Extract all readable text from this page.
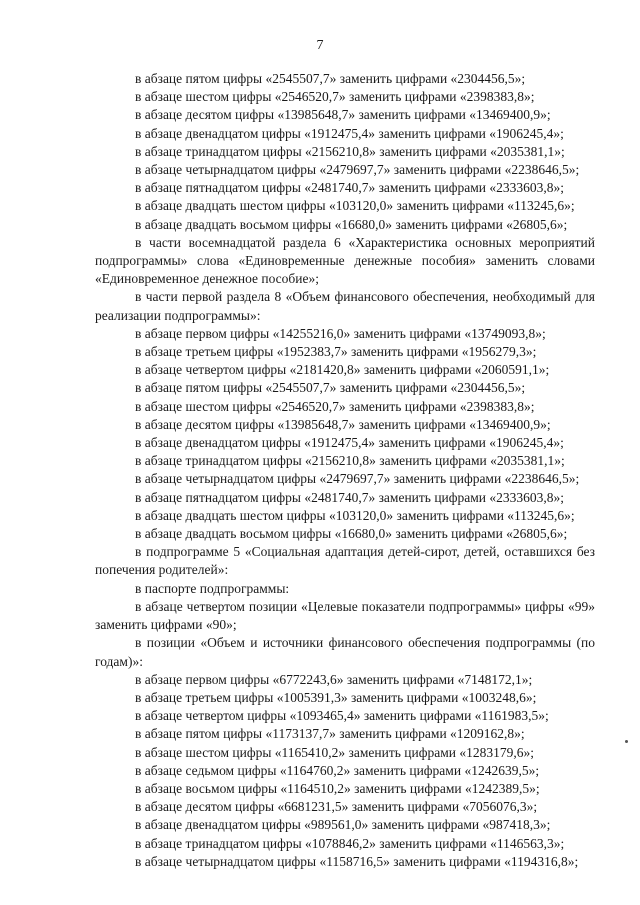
7
в абзаце пятом цифры «2545507,7» заменить цифрами «2304456,5»;
в абзаце шестом цифры «2546520,7» заменить цифрами «2398383,8»;
в абзаце десятом цифры «13985648,7» заменить цифрами «13469400,9»;
в абзаце двенадцатом цифры «1912475,4» заменить цифрами «1906245,4»;
в абзаце тринадцатом цифры «2156210,8» заменить цифрами «2035381,1»;
в абзаце четырнадцатом цифры «2479697,7» заменить цифрами «2238646,5»;
в абзаце пятнадцатом цифры «2481740,7» заменить цифрами «2333603,8»;
в абзаце двадцать шестом цифры «103120,0» заменить цифрами «113245,6»;
в абзаце двадцать восьмом цифры «16680,0» заменить цифрами «26805,6»;
в части восемнадцатой раздела 6 «Характеристика основных мероприятий подпрограммы» слова «Единовременные денежные пособия» заменить словами «Единовременное денежное пособие»;
в части первой раздела 8 «Объем финансового обеспечения, необходимый для реализации подпрограммы»:
в абзаце первом цифры «14255216,0» заменить цифрами «13749093,8»;
в абзаце третьем цифры «1952383,7» заменить цифрами «1956279,3»;
в абзаце четвертом цифры «2181420,8» заменить цифрами «2060591,1»;
в абзаце пятом цифры «2545507,7» заменить цифрами «2304456,5»;
в абзаце шестом цифры «2546520,7» заменить цифрами «2398383,8»;
в абзаце десятом цифры «13985648,7» заменить цифрами «13469400,9»;
в абзаце двенадцатом цифры «1912475,4» заменить цифрами «1906245,4»;
в абзаце тринадцатом цифры «2156210,8» заменить цифрами «2035381,1»;
в абзаце четырнадцатом цифры «2479697,7» заменить цифрами «2238646,5»;
в абзаце пятнадцатом цифры «2481740,7» заменить цифрами «2333603,8»;
в абзаце двадцать шестом цифры «103120,0» заменить цифрами «113245,6»;
в абзаце двадцать восьмом цифры «16680,0» заменить цифрами «26805,6»;
в подпрограмме 5 «Социальная адаптация детей-сирот, детей, оставшихся без попечения родителей»:
в паспорте подпрограммы:
в абзаце четвертом позиции «Целевые показатели подпрограммы» цифры «99» заменить цифрами «90»;
в позиции «Объем и источники финансового обеспечения подпрограммы (по годам)»:
в абзаце первом цифры «6772243,6» заменить цифрами «7148172,1»;
в абзаце третьем цифры «1005391,3» заменить цифрами «1003248,6»;
в абзаце четвертом цифры «1093465,4» заменить цифрами «1161983,5»;
в абзаце пятом цифры «1173137,7» заменить цифрами «1209162,8»;
в абзаце шестом цифры «1165410,2» заменить цифрами «1283179,6»;
в абзаце седьмом цифры «1164760,2» заменить цифрами «1242639,5»;
в абзаце восьмом цифры «1164510,2» заменить цифрами «1242389,5»;
в абзаце десятом цифры «6681231,5» заменить цифрами «7056076,3»;
в абзаце двенадцатом цифры «989561,0» заменить цифрами «987418,3»;
в абзаце тринадцатом цифры «1078846,2» заменить цифрами «1146563,3»;
в абзаце четырнадцатом цифры «1158716,5» заменить цифрами «1194316,8»;
